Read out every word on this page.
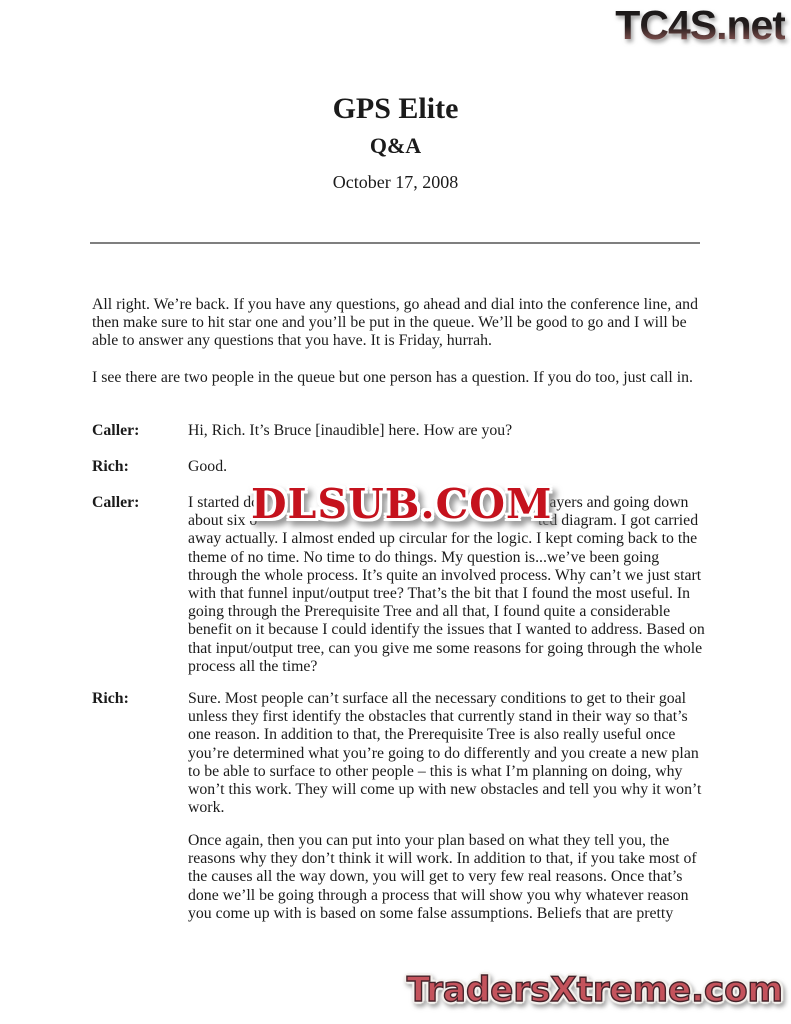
TC4S.net
GPS Elite
Q&A
October 17, 2008
All right. We’re back. If you have any questions, go ahead and dial into the conference line, and then make sure to hit star one and you’ll be put in the queue. We’ll be good to go and I will be able to answer any questions that you have. It is Friday, hurrah.
I see there are two people in the queue but one person has a question. If you do too, just call in.
Caller:	Hi, Rich. It’s Bruce [inaudible] here. How are you?
Rich:	Good.
Caller:	I started do	layers and going down
about six o	ted diagram. I got carried
away actually. I almost ended up circular for the logic. I kept coming back to the theme of no time. No time to do things. My question is...we’ve been going through the whole process. It’s quite an involved process. Why can’t we just start with that funnel input/output tree? That’s the bit that I found the most useful. In going through the Prerequisite Tree and all that, I found quite a considerable benefit on it because I could identify the issues that I wanted to address. Based on that input/output tree, can you give me some reasons for going through the whole process all the time?
Rich:	Sure. Most people can’t surface all the necessary conditions to get to their goal unless they first identify the obstacles that currently stand in their way so that’s one reason. In addition to that, the Prerequisite Tree is also really useful once you’re determined what you’re going to do differently and you create a new plan to be able to surface to other people – this is what I’m planning on doing, why won’t this work. They will come up with new obstacles and tell you why it won’t work.
Once again, then you can put into your plan based on what they tell you, the reasons why they don’t think it will work. In addition to that, if you take most of the causes all the way down, you will get to very few real reasons. Once that’s done we’ll be going through a process that will show you why whatever reason you come up with is based on some false assumptions. Beliefs that are pretty
DLSUB.COM
TradersXtreme.com
